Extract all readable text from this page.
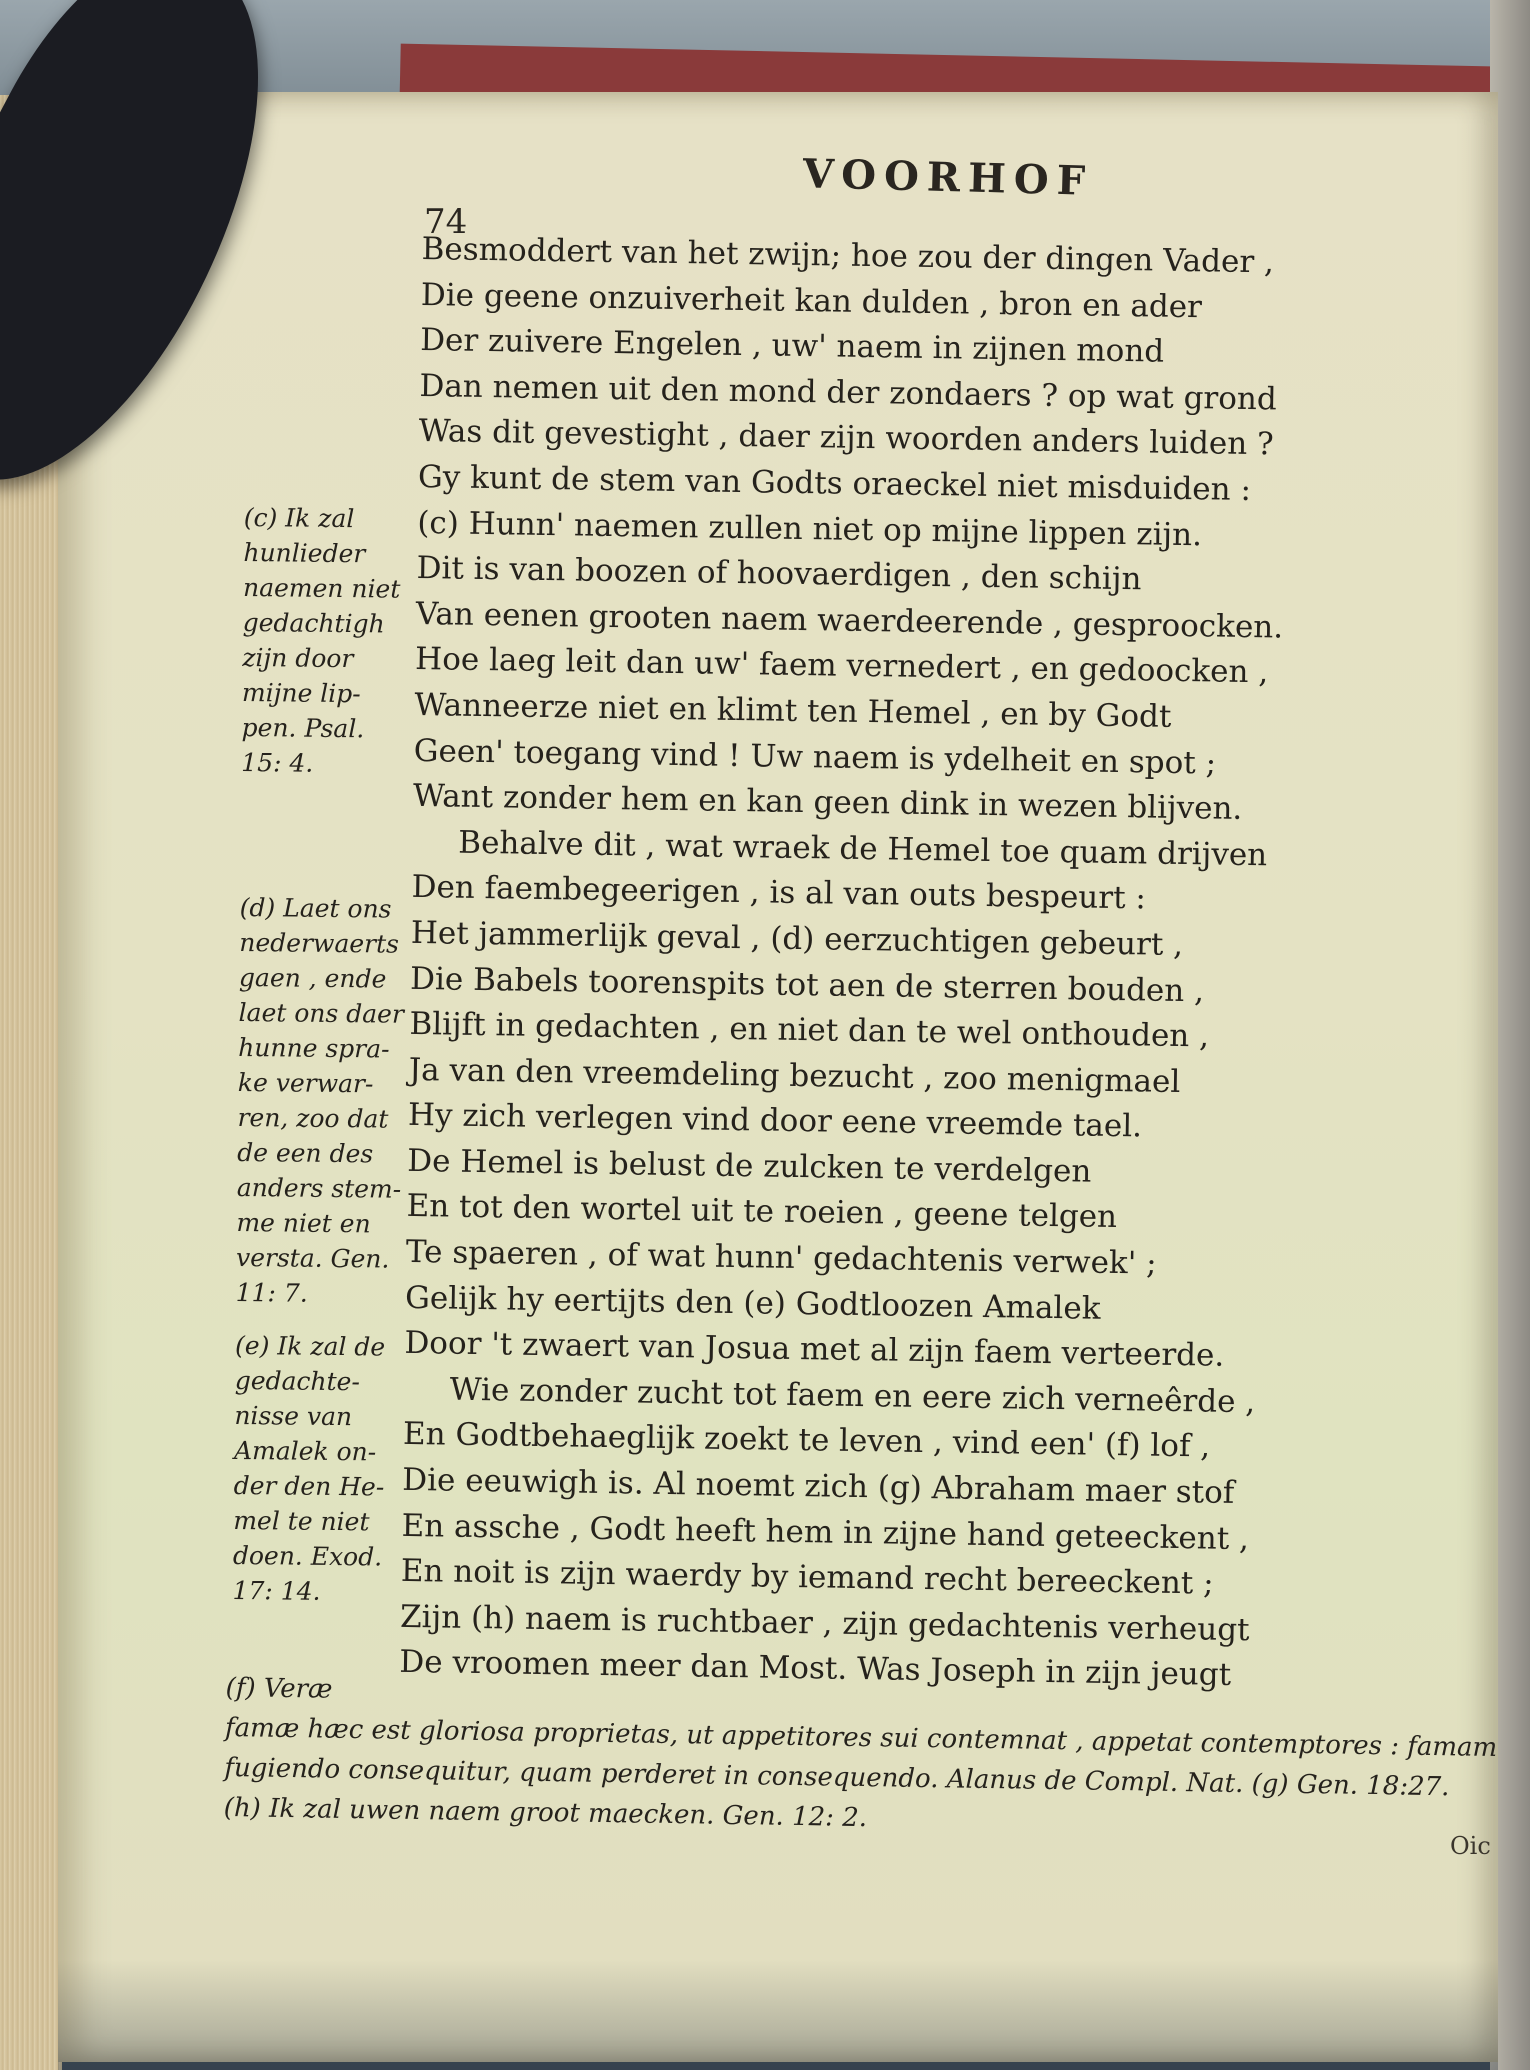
VOORHOF
74
Besmoddert van het zwijn; hoe zou der dingen Vader ,
Die geene onzuiverheit kan dulden , bron en ader
Der zuivere Engelen , uw' naem in zijnen mond
Dan nemen uit den mond der zondaers ? op wat grond
Was dit gevestight , daer zijn woorden anders luiden ?
Gy kunt de stem van Godts oraeckel niet misduiden :
(c) Hunn' naemen zullen niet op mijne lippen zijn.
Dit is van boozen of hoovaerdigen , den schijn
Van eenen grooten naem waerdeerende , gesproocken.
Hoe laeg leit dan uw' faem vernedert , en gedoocken ,
Wanneerze niet en klimt ten Hemel , en by Godt
Geen' toegang vind ! Uw naem is ydelheit en spot ;
Want zonder hem en kan geen dink in wezen blijven.
Behalve dit , wat wraek de Hemel toe quam drijven
Den faembegeerigen , is al van outs bespeurt :
Het jammerlijk geval , (d) eerzuchtigen gebeurt ,
Die Babels toorenspits tot aen de sterren bouden ,
Blijft in gedachten , en niet dan te wel onthouden ,
Ja van den vreemdeling bezucht , zoo menigmael
Hy zich verlegen vind door eene vreemde tael.
De Hemel is belust de zulcken te verdelgen
En tot den wortel uit te roeien , geene telgen
Te spaeren , of wat hunn' gedachtenis verwek' ;
Gelijk hy eertijts den (e) Godtloozen Amalek
Door 't zwaert van Josua met al zijn faem verteerde.
Wie zonder zucht tot faem en eere zich verneêrde ,
En Godtbehaeglijk zoekt te leven , vind een' (f) lof ,
Die eeuwigh is. Al noemt zich (g) Abraham maer stof
En assche , Godt heeft hem in zijne hand geteeckent ,
En noit is zijn waerdy by iemand recht bereeckent ;
Zijn (h) naem is ruchtbaer , zijn gedachtenis verheugt
De vroomen meer dan Most. Was Joseph in zijn jeugt
(c) Ik zal
hunlieder
naemen niet
gedachtigh
zijn door
mijne lip-
pen. Psal.
15: 4.
(d) Laet ons
nederwaerts
gaen , ende
laet ons daer
hunne spra-
ke verwar-
ren, zoo dat
de een des
anders stem-
me niet en
versta. Gen.
11: 7.
(e) Ik zal de
gedachte-
nisse van
Amalek on-
der den He-
mel te niet
doen. Exod.
17: 14.
(f) Veræ
famæ hæc est gloriosa proprietas, ut appetitores sui contemnat , appetat contemptores : famam
fugiendo consequitur, quam perderet in consequendo. Alanus de Compl. Nat. (g) Gen. 18:27.
(h) Ik zal uwen naem groot maecken. Gen. 12: 2.
Oic
